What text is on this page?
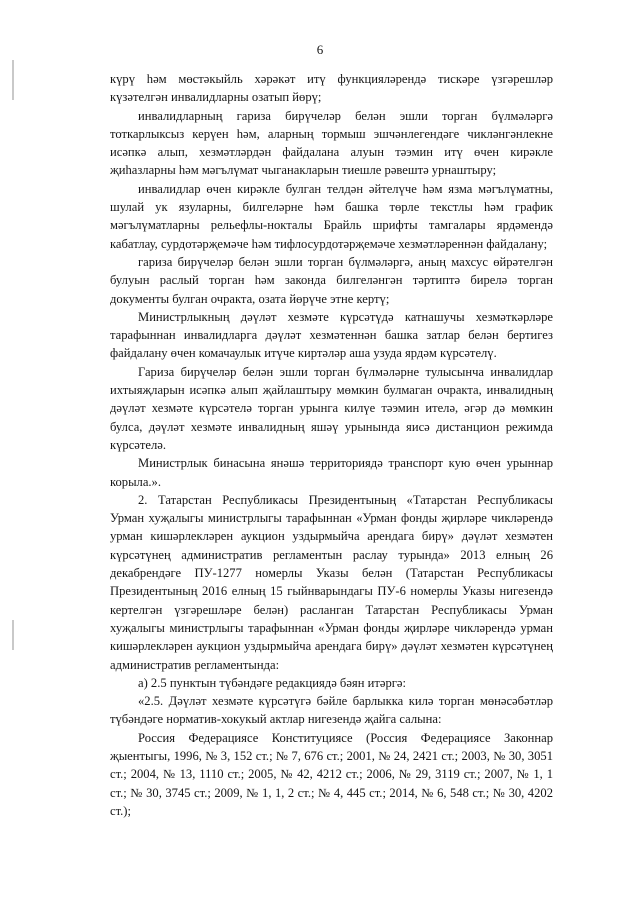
6

күрү һәм мөстәкыйль хәрәкәт итү функцияләрендә тискәре үзгәрешләр күзәтелгән инвалидларны озатып йөрү;

инвалидларның гариза бирүчеләр белән эшли торган бүлмәләргә тоткарлыксыз керүен һәм, аларның тормыш эшчәнлегендәге чикләнгәнлекне исәпкә алып, хезмәтләрдән файдалана алуын тәэмин итү өчен кирәкле җиһазларны һәм мәгълүмат чыганакларын тиешле рәвештә урнаштыру;

инвалидлар өчен кирәкле булган телдән әйтелүче һәм язма мәгълүматны, шулай ук язуларны, билгеләрне һәм башка төрле текстлы һәм график мәгълүматларны рельефлы-нокталы Брайль шрифты тамгалары ярдәмендә кабатлау, сурдотәрҗемәче һәм тифлосурдотәрҗемәче хезмәтләреннән файдалану;

гариза бирүчеләр белән эшли торган бүлмәләргә, аның махсус өйрәтелгән булуын раслый торган һәм законда билгеләнгән тәртиптә бирелә торган документы булган очракта, озата йөрүче этне кертү;

Министрлыкның дәүләт хезмәте күрсәтүдә катнашучы хезмәткәрләре тарафыннан инвалидларга дәүләт хезмәтеннән башка затлар белән бертигез файдалану өчен комачаулык итүче киртәләр аша узуда ярдәм күрсәтелү.

Гариза бирүчеләр белән эшли торган бүлмәләрне тулысынча инвалидлар ихтыяҗларын исәпкә алып җайлаштыру мөмкин булмаган очракта, инвалидның дәүләт хезмәте күрсәтелә торган урынга килүе тәэмин ителә, әгәр дә мөмкин булса, дәүләт хезмәте инвалидның яшәү урынында яисә дистанцион режимда күрсәтелә.

Министрлык бинасына янәшә территориядә транспорт кую өчен урыннар корыла.».

2. Татарстан Республикасы Президентының «Татарстан Республикасы Урман хуҗалыгы министрлыгы тарафыннан «Урман фонды җирләре чикләрендә урман кишәрлекләрен аукцион уздырмыйча арендага бирү» дәүләт хезмәтен күрсәтүнең административ регламентын раслау турында» 2013 елның 26 декабрендәге ПУ-1277 номерлы Указы белән (Татарстан Республикасы Президентының 2016 елның 15 гыйнварындагы ПУ-6 номерлы Указы нигезендә кертелгән үзгәрешләре белән) расланган Татарстан Республикасы Урман хуҗалыгы министрлыгы тарафыннан «Урман фонды җирләре чикләрендә урман кишәрлекләрен аукцион уздырмыйча арендага бирү» дәүләт хезмәтен күрсәтүнең административ регламентында:

а) 2.5 пунктын түбәндәге редакциядә бәян итәргә:

«2.5. Дәүләт хезмәте күрсәтүгә бәйле барлыкка килә торган мөнәсәбәтләр түбәндәге норматив-хокукый актлар нигезендә җайга салына:

Россия Федерациясе Конституциясе (Россия Федерациясе Законнар җыентыгы, 1996, № 3, 152 ст.; № 7, 676 ст.; 2001, № 24, 2421 ст.; 2003, № 30, 3051 ст.; 2004, № 13, 1110 ст.; 2005, № 42, 4212 ст.; 2006, № 29, 3119 ст.; 2007, № 1, 1 ст.; № 30, 3745 ст.; 2009, № 1, 1, 2 ст.; № 4, 445 ст.; 2014, № 6, 548 ст.; № 30, 4202 ст.);
